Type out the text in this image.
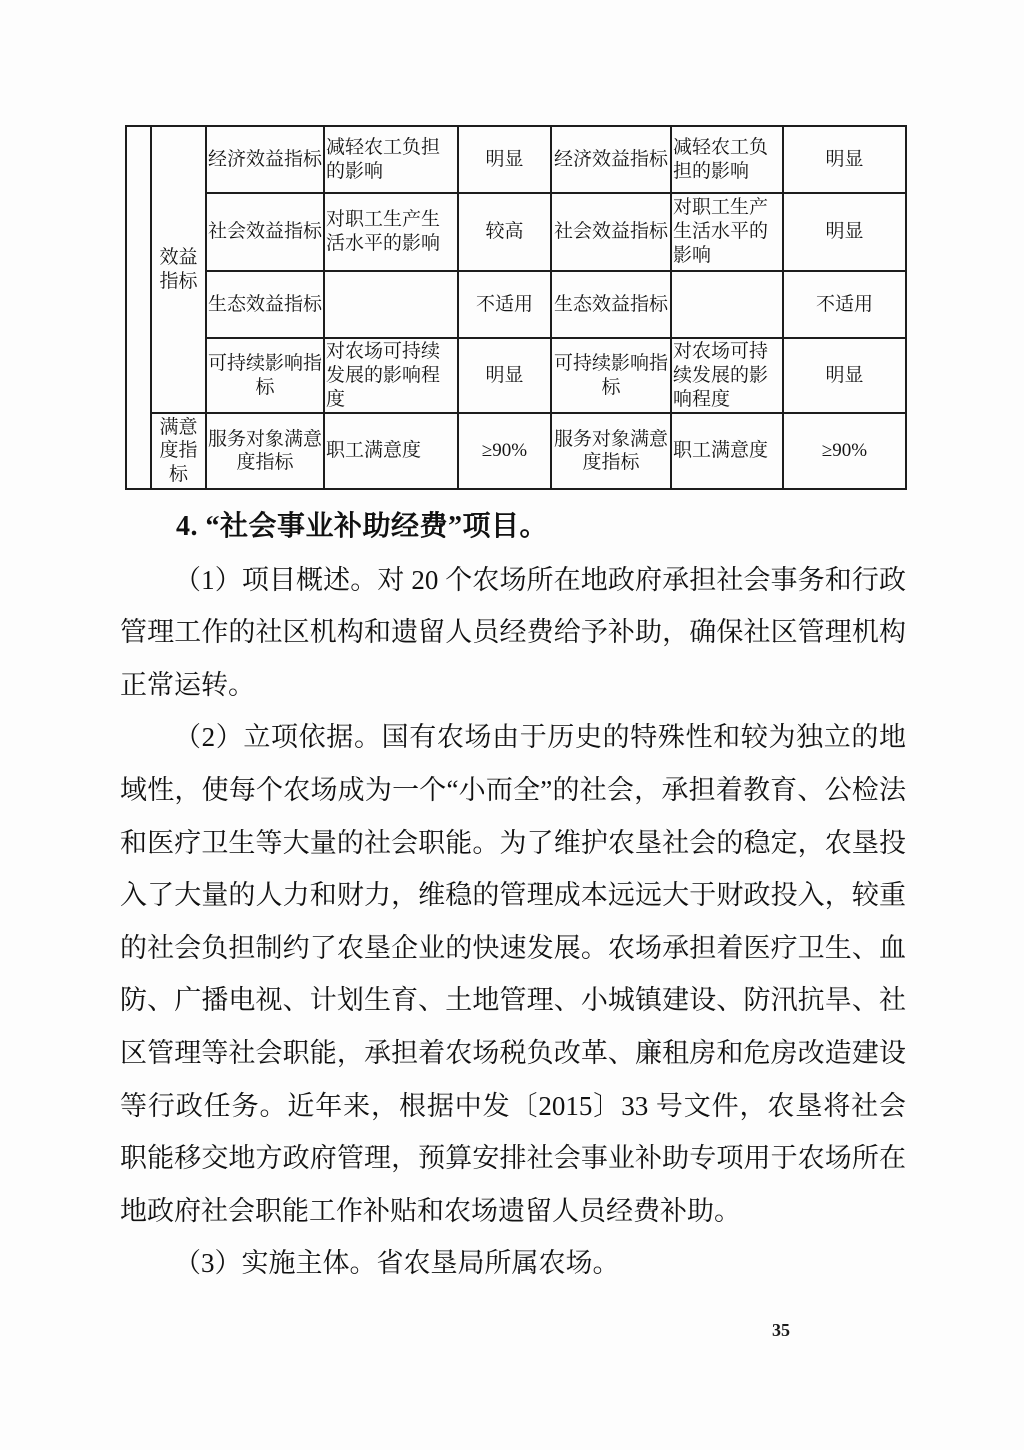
	效益指标	经济效益指标	减轻农工负担的影响	明显	经济效益指标	减轻农工负担的影响	明显
		社会效益指标	对职工生产生活水平的影响	较高	社会效益指标	对职工生产生活水平的影响	明显
		生态效益指标		不适用	生态效益指标		不适用
		可持续影响指标	对农场可持续发展的影响程度	明显	可持续影响指标	对农场可持续发展的影响程度	明显
	满意度指标	服务对象满意度指标	职工满意度	≥90%	服务对象满意度指标	职工满意度	≥90%

4. “社会事业补助经费”项目。

（1）项目概述。对 20 个农场所在地政府承担社会事务和行政管理工作的社区机构和遗留人员经费给予补助，确保社区管理机构正常运转。

（2）立项依据。国有农场由于历史的特殊性和较为独立的地域性，使每个农场成为一个“小而全”的社会，承担着教育、公检法和医疗卫生等大量的社会职能。为了维护农垦社会的稳定，农垦投入了大量的人力和财力，维稳的管理成本远远大于财政投入，较重的社会负担制约了农垦企业的快速发展。农场承担着医疗卫生、血防、广播电视、计划生育、土地管理、小城镇建设、防汛抗旱、社区管理等社会职能，承担着农场税负改革、廉租房和危房改造建设等行政任务。近年来，根据中发〔2015〕33 号文件，农垦将社会职能移交地方政府管理，预算安排社会事业补助专项用于农场所在地政府社会职能工作补贴和农场遗留人员经费补助。

（3）实施主体。省农垦局所属农场。

35
